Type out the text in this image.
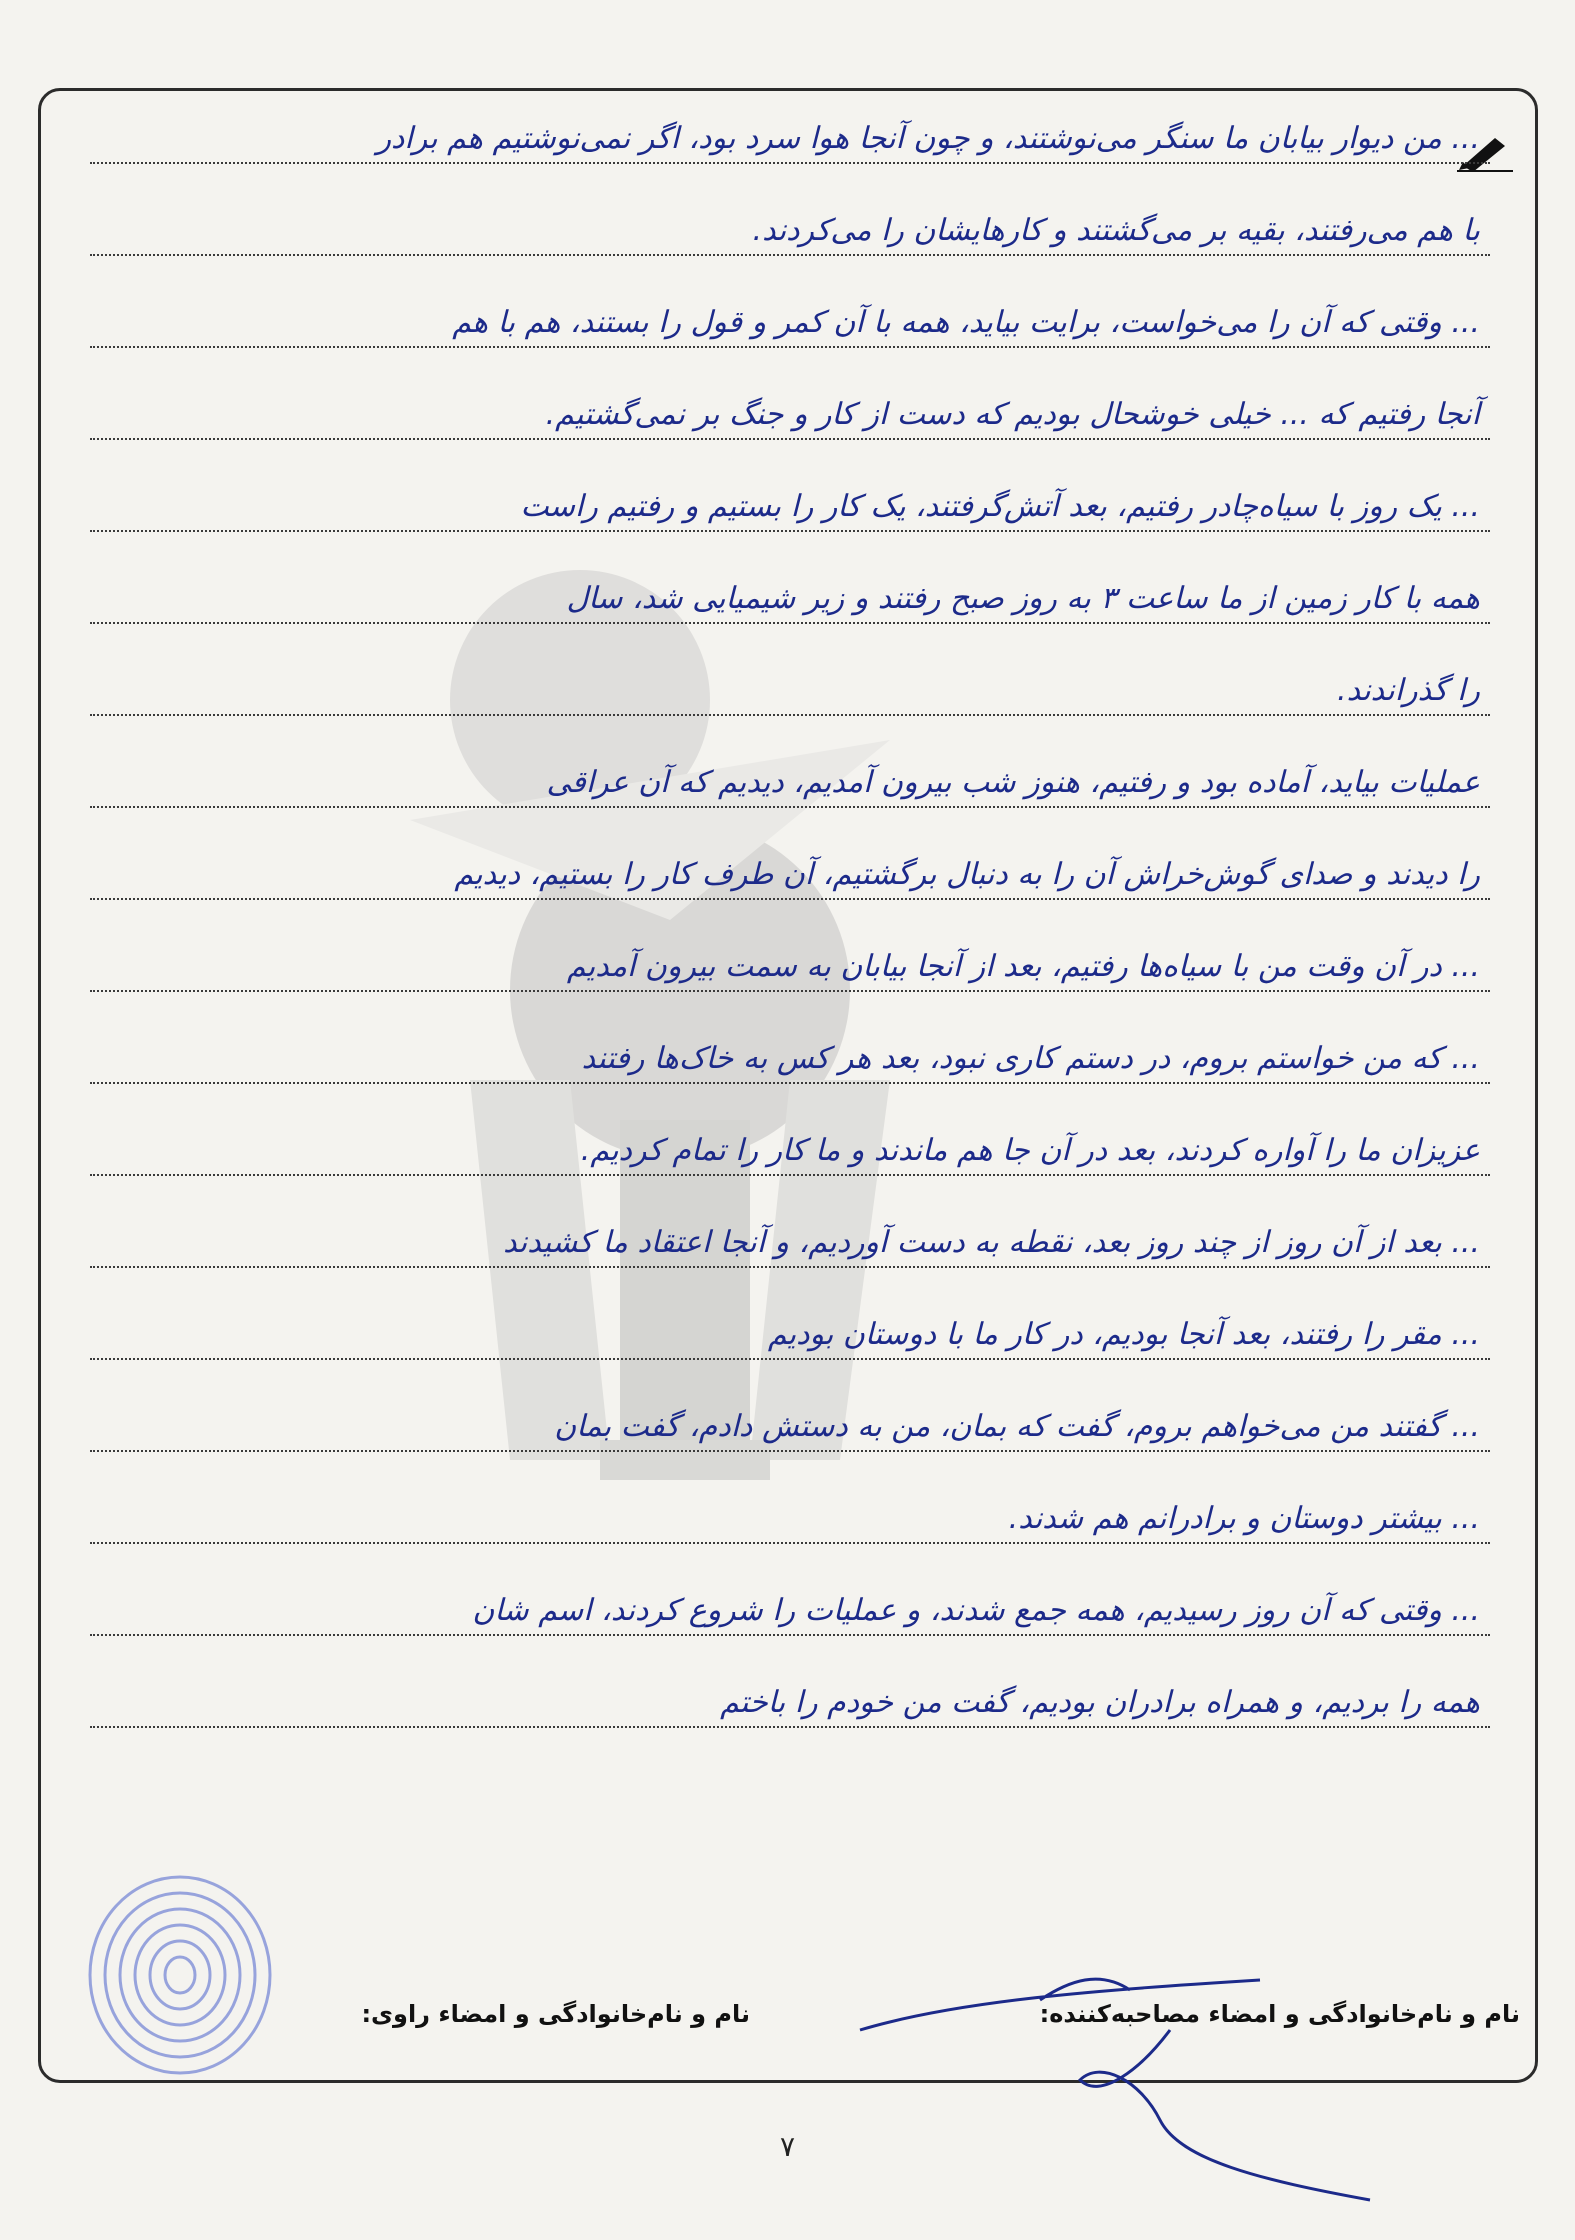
... من دیوار بیابان ما سنگر می‌نوشتند، و چون آنجا هوا سرد بود، اگر نمی‌نوشتیم هم برادر
با هم می‌رفتند، بقیه بر می‌گشتند و کارهایشان را می‌کردند.
... وقتی که آن را می‌خواست، برایت بیاید، همه با آن کمر و قول را بستند، هم با هم
آنجا رفتیم که ... خیلی خوشحال بودیم که دست از کار و جنگ بر نمی‌گشتیم.
... یک روز با سیاه‌چادر رفتیم، بعد آتش‌گرفتند، یک کار را بستیم و رفتیم راست
همه با کار زمین از ما ساعت ۳ به روز صبح رفتند و زیر شیمیایی شد، سال
را گذراندند.
عملیات بیاید، آماده بود و رفتیم، هنوز شب بیرون آمدیم، دیدیم که آن عراقی
را دیدند و صدای گوش‌خراش آن را به دنبال برگشتیم، آن طرف کار را بستیم، دیدیم
... در آن وقت من با سیاه‌ها رفتیم، بعد از آنجا بیابان به سمت بیرون آمدیم
... که من خواستم بروم، در دستم کاری نبود، بعد هر کس به خاک‌ها رفتند
عزیزان ما را آواره کردند، بعد در آن جا هم ماندند و ما کار را تمام کردیم.
... بعد از آن روز از چند روز بعد، نقطه به دست آوردیم، و آنجا اعتقاد ما کشیدند
... مقر را رفتند، بعد آنجا بودیم، در کار ما با دوستان بودیم
... گفتند من می‌خواهم بروم، گفت که بمان، من به دستش دادم، گفت بمان
... بیشتر دوستان و برادرانم هم شدند.
... وقتی که آن روز رسیدیم، همه جمع شدند، و عملیات را شروع کردند، اسم شان
همه را بردیم، و همراه برادران بودیم، گفت من خودم را باختم
نام و نام‌خانوادگی و امضاء مصاحبه‌کننده:
نام و نام‌خانوادگی و امضاء راوی:
۷
